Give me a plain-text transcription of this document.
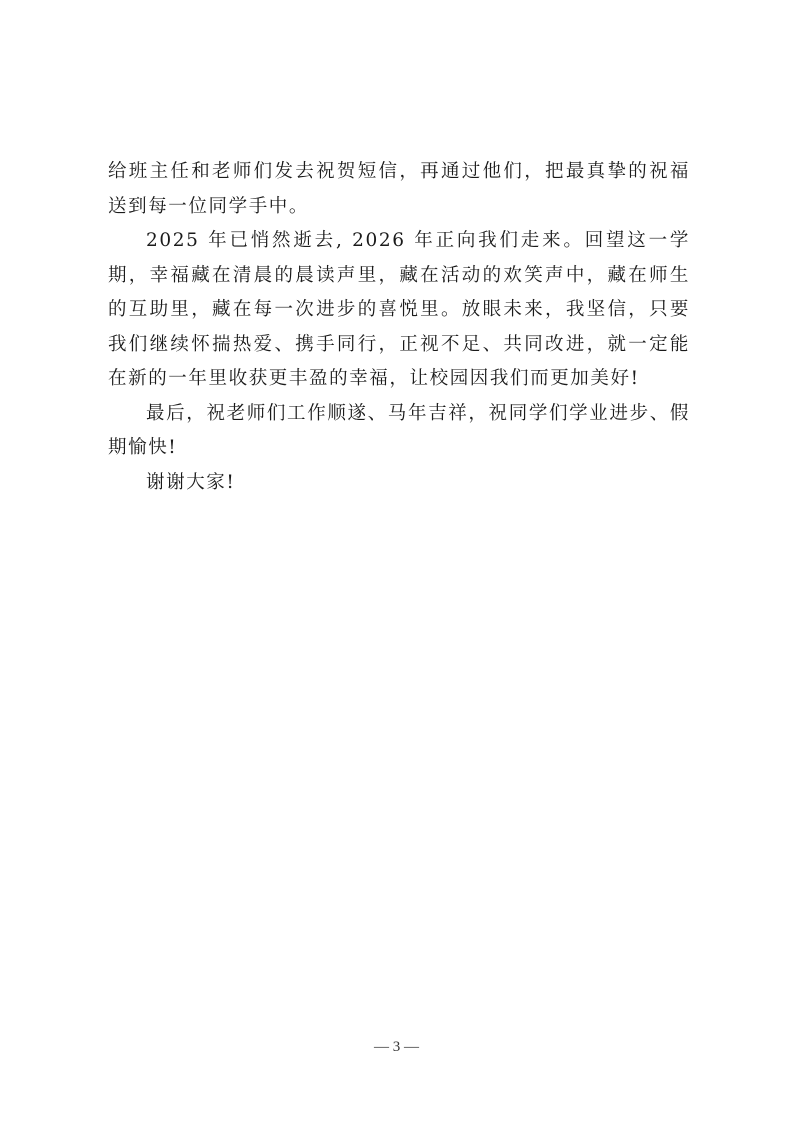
给班主任和老师们发去祝贺短信，再通过他们，把最真挚的祝福送到每一位同学手中。

2025 年已悄然逝去, 2026 年正向我们走来。回望这一学期，幸福藏在清晨的晨读声里，藏在活动的欢笑声中，藏在师生的互助里，藏在每一次进步的喜悦里。放眼未来，我坚信，只要我们继续怀揣热爱、携手同行，正视不足、共同改进，就一定能在新的一年里收获更丰盈的幸福，让校园因我们而更加美好!

最后，祝老师们工作顺遂、马年吉祥，祝同学们学业进步、假期愉快!

谢谢大家!

— 3 —
